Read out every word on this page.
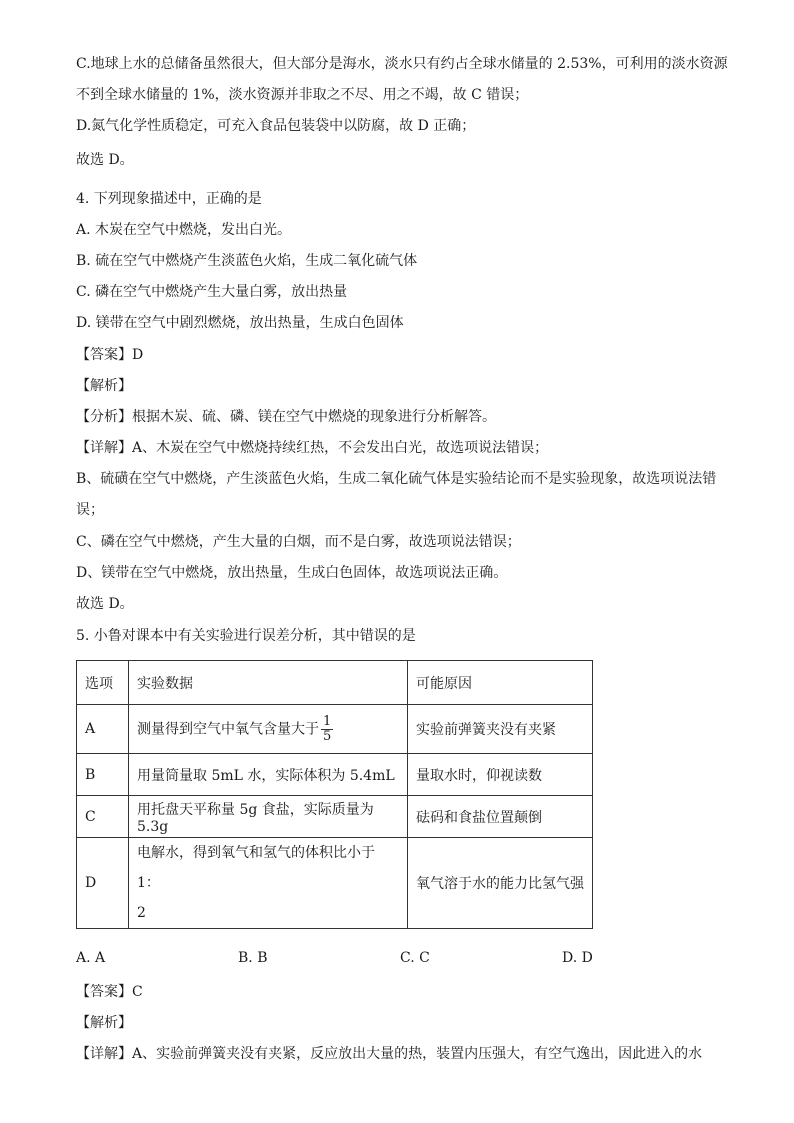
C.地球上水的总储备虽然很大，但大部分是海水，淡水只有约占全球水储量的 2.53%，可利用的淡水资源
不到全球水储量的 1%，淡水资源并非取之不尽、用之不竭，故 C 错误；
D.氮气化学性质稳定，可充入食品包装袋中以防腐，故 D 正确；
故选 D。
4. 下列现象描述中，正确的是
A. 木炭在空气中燃烧，发出白光。
B. 硫在空气中燃烧产生淡蓝色火焰，生成二氧化硫气体
C. 磷在空气中燃烧产生大量白雾，放出热量
D. 镁带在空气中剧烈燃烧，放出热量，生成白色固体
【答案】D
【解析】
【分析】根据木炭、硫、磷、镁在空气中燃烧的现象进行分析解答。
【详解】A、木炭在空气中燃烧持续红热，不会发出白光，故选项说法错误；
B、硫磺在空气中燃烧，产生淡蓝色火焰，生成二氧化硫气体是实验结论而不是实验现象，故选项说法错
误；
C、磷在空气中燃烧，产生大量的白烟，而不是白雾，故选项说法错误；
D、镁带在空气中燃烧，放出热量，生成白色固体，故选项说法正确。
故选 D。
5. 小鲁对课本中有关实验进行误差分析，其中错误的是
选项	实验数据	可能原因
A	测量得到空气中氧气含量大于 $\frac{1}{5}$	实验前弹簧夹没有夹紧
B	用量筒量取 5mL 水，实际体积为 5.4mL	量取水时，仰视读数
C	用托盘天平称量 5g 食盐，实际质量为 5.3g	砝码和食盐位置颠倒
D	电解水，得到氧气和氢气的体积比小于 1：
2	氧气溶于水的能力比氢气强
A. A	B. B	C. C	D. D
【答案】C
【解析】
【详解】A、实验前弹簧夹没有夹紧，反应放出大量的热，装置内压强大，有空气逸出，因此进入的水
